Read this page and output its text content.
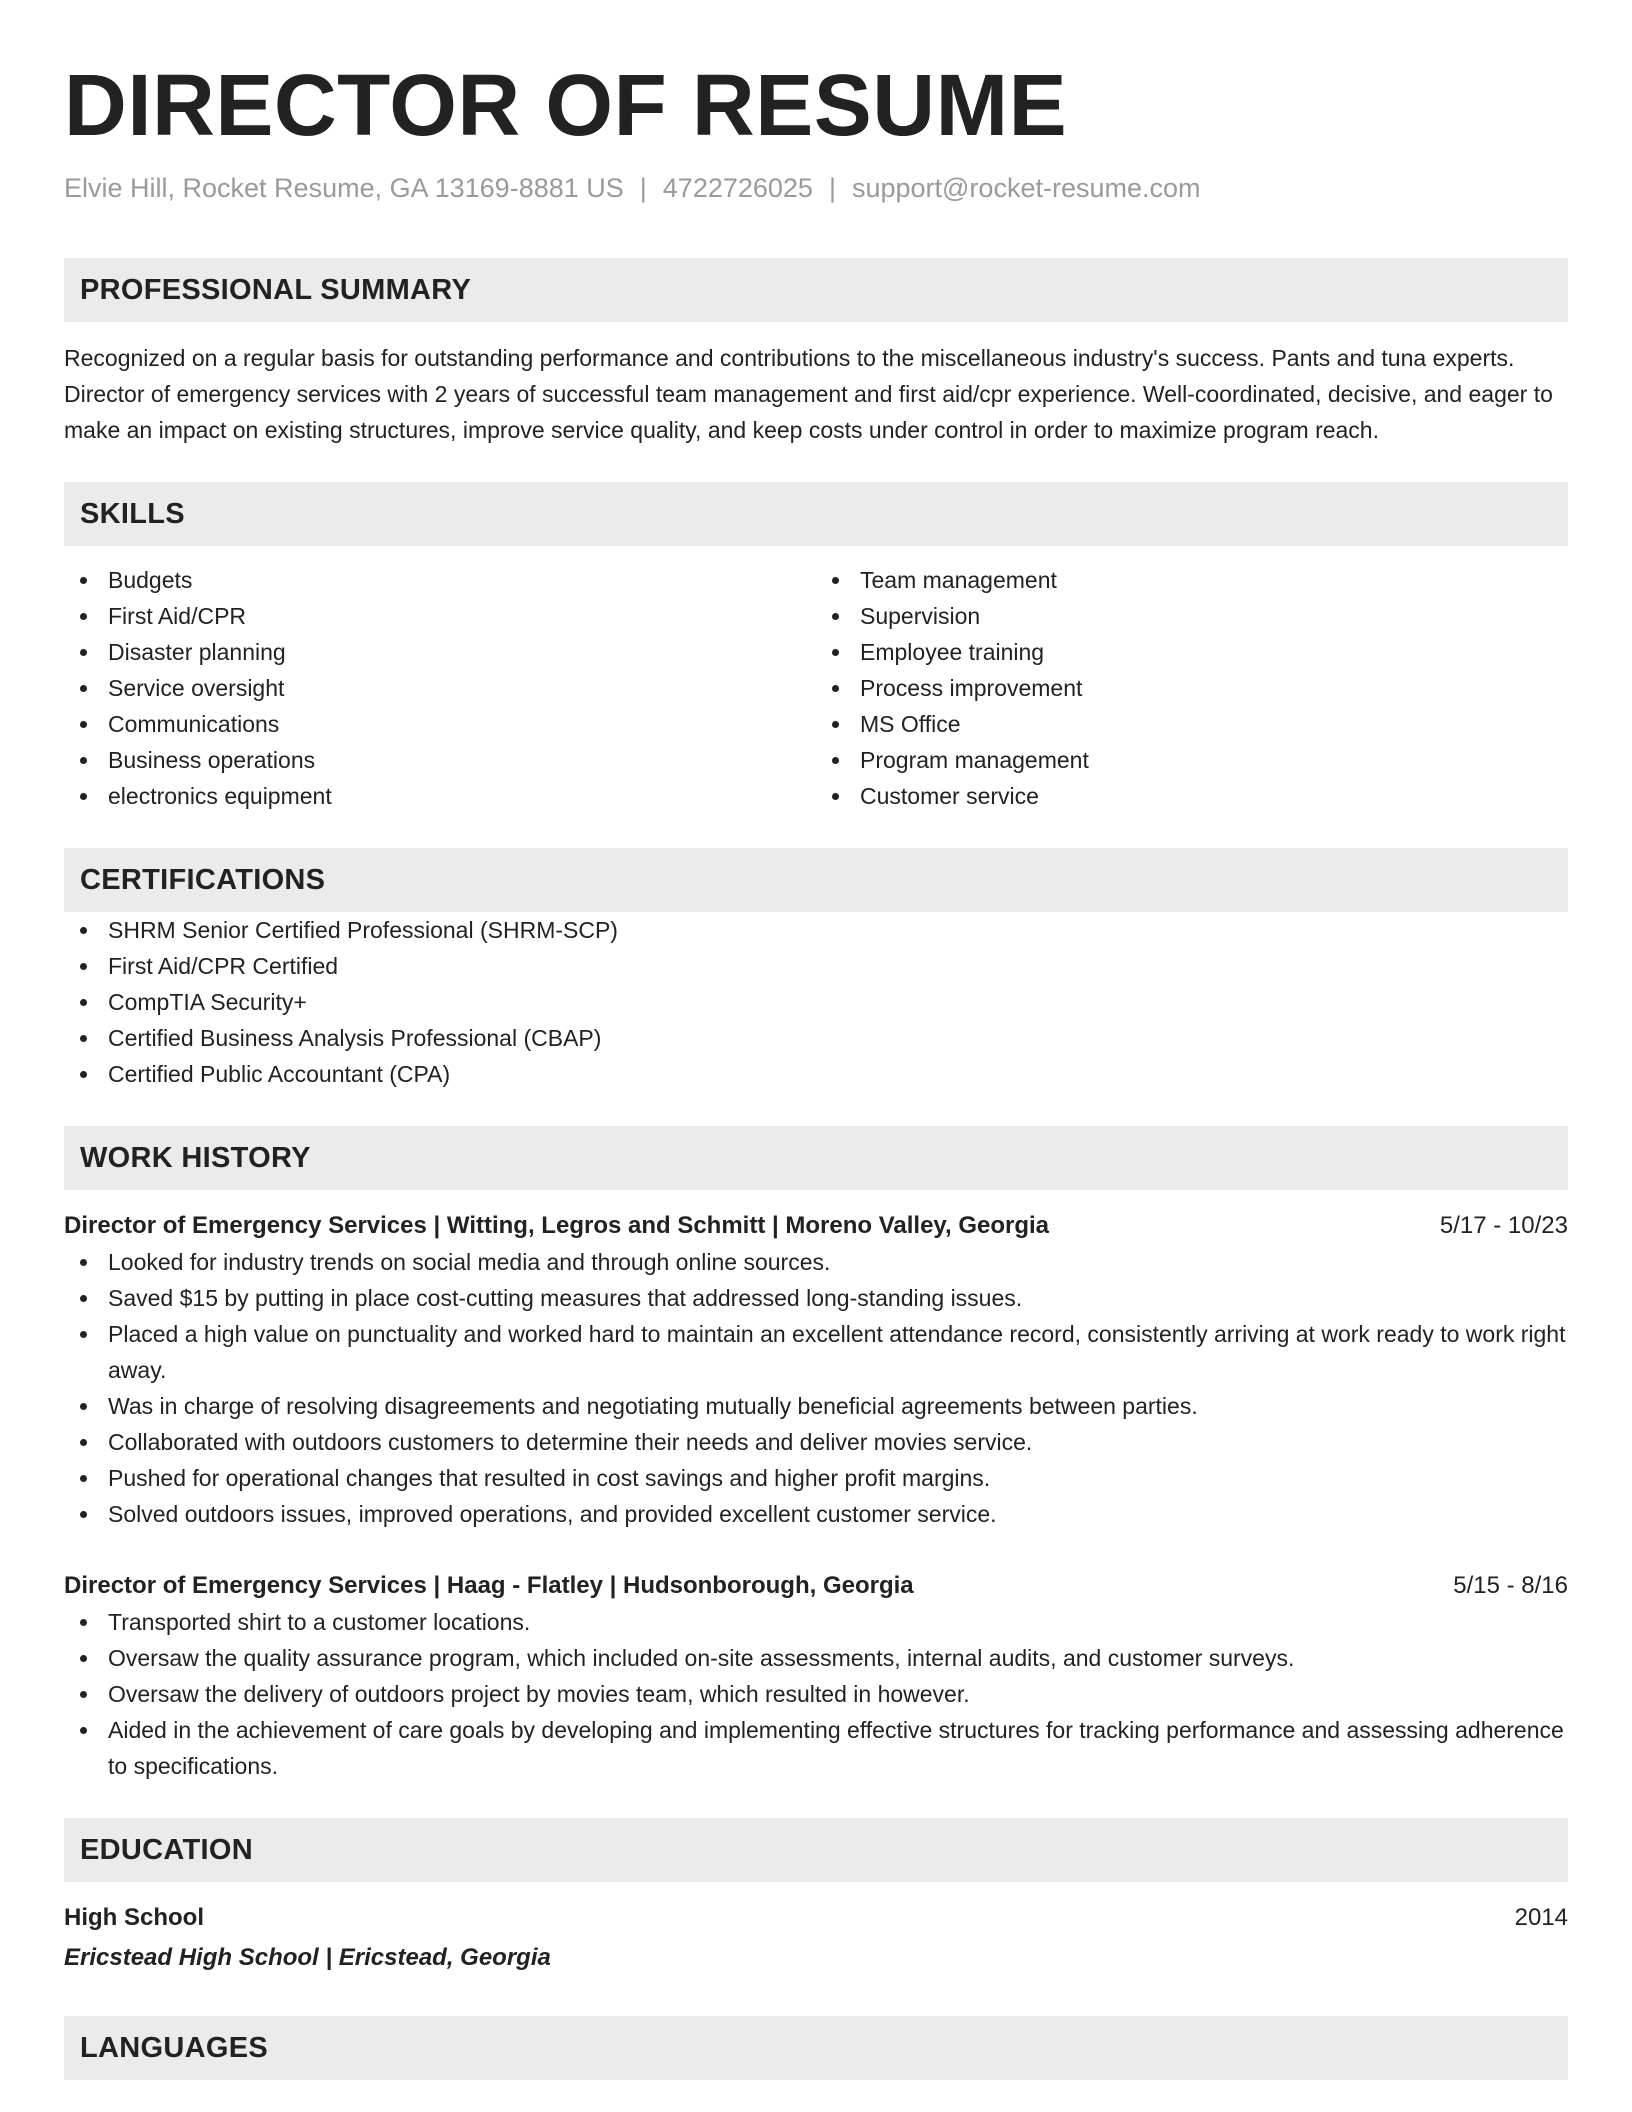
DIRECTOR OF RESUME
Elvie Hill, Rocket Resume, GA 13169-8881 US | 4722726025 | support@rocket-resume.com
PROFESSIONAL SUMMARY
Recognized on a regular basis for outstanding performance and contributions to the miscellaneous industry's success. Pants and tuna experts. Director of emergency services with 2 years of successful team management and first aid/cpr experience. Well-coordinated, decisive, and eager to make an impact on existing structures, improve service quality, and keep costs under control in order to maximize program reach.
SKILLS
Budgets
First Aid/CPR
Disaster planning
Service oversight
Communications
Business operations
electronics equipment
Team management
Supervision
Employee training
Process improvement
MS Office
Program management
Customer service
CERTIFICATIONS
SHRM Senior Certified Professional (SHRM-SCP)
First Aid/CPR Certified
CompTIA Security+
Certified Business Analysis Professional (CBAP)
Certified Public Accountant (CPA)
WORK HISTORY
Director of Emergency Services | Witting, Legros and Schmitt | Moreno Valley, Georgia	5/17 - 10/23
Looked for industry trends on social media and through online sources.
Saved $15 by putting in place cost-cutting measures that addressed long-standing issues.
Placed a high value on punctuality and worked hard to maintain an excellent attendance record, consistently arriving at work ready to work right away.
Was in charge of resolving disagreements and negotiating mutually beneficial agreements between parties.
Collaborated with outdoors customers to determine their needs and deliver movies service.
Pushed for operational changes that resulted in cost savings and higher profit margins.
Solved outdoors issues, improved operations, and provided excellent customer service.
Director of Emergency Services | Haag - Flatley | Hudsonborough, Georgia	5/15 - 8/16
Transported shirt to a customer locations.
Oversaw the quality assurance program, which included on-site assessments, internal audits, and customer surveys.
Oversaw the delivery of outdoors project by movies team, which resulted in however.
Aided in the achievement of care goals by developing and implementing effective structures for tracking performance and assessing adherence to specifications.
EDUCATION
High School	2014
Ericstead High School | Ericstead, Georgia
LANGUAGES
